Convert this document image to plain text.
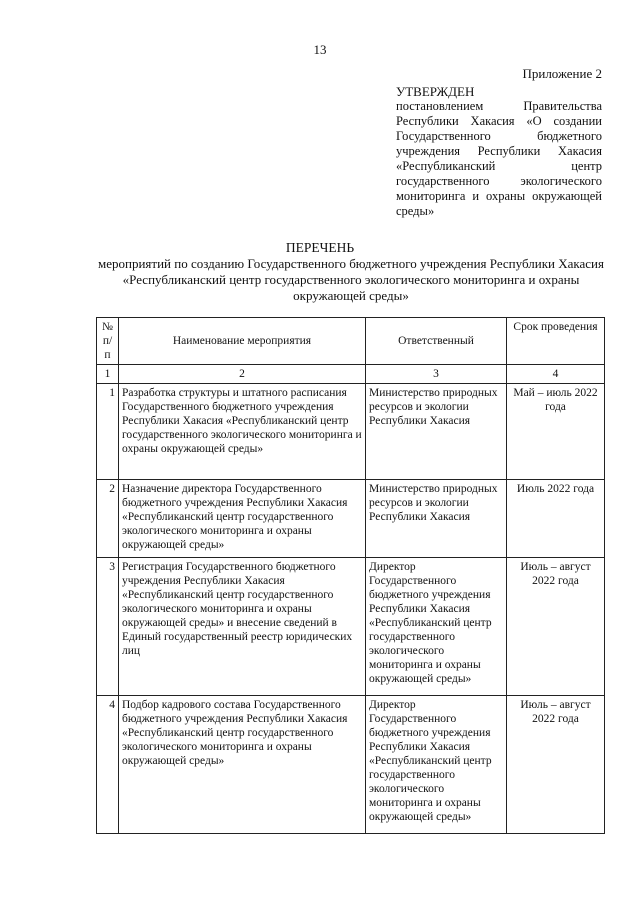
13
Приложение 2
УТВЕРЖДЕН
постановлением Правительства Республики Хакасия «О создании Государственного бюджетного учреждения Республики Хакасия «Республиканский центр государственного экологического мониторинга и охраны окружающей среды»
ПЕРЕЧЕНЬ
мероприятий по созданию Государственного бюджетного учреждения Республики Хакасия «Республиканский центр государственного экологического мониторинга и охраны окружающей среды»
№ п/п	Наименование мероприятия	Ответственный	Срок проведения
1	2	3	4
1	Разработка структуры и штатного расписания Государственного бюджетного учреждения Республики Хакасия «Республиканский центр государственного экологического мониторинга и охраны окружающей среды»	Министерство природных ресурсов и экологии Республики Хакасия	Май – июль 2022 года
2	Назначение директора Государственного бюджетного учреждения Республики Хакасия «Республиканский центр государственного экологического мониторинга и охраны окружающей среды»	Министерство природных ресурсов и экологии Республики Хакасия	Июль 2022 года
3	Регистрация Государственного бюджетного учреждения Республики Хакасия «Республиканский центр государственного экологического мониторинга и охраны окружающей среды» и внесение сведений в Единый государственный реестр юридических лиц	Директор Государственного бюджетного учреждения Республики Хакасия «Республиканский центр государственного экологического мониторинга и охраны окружающей среды»	Июль – август 2022 года
4	Подбор кадрового состава Государственного бюджетного учреждения Республики Хакасия «Республиканский центр государственного экологического мониторинга и охраны окружающей среды»	Директор Государственного бюджетного учреждения Республики Хакасия «Республиканский центр государственного экологического мониторинга и охраны окружающей среды»	Июль – август 2022 года
